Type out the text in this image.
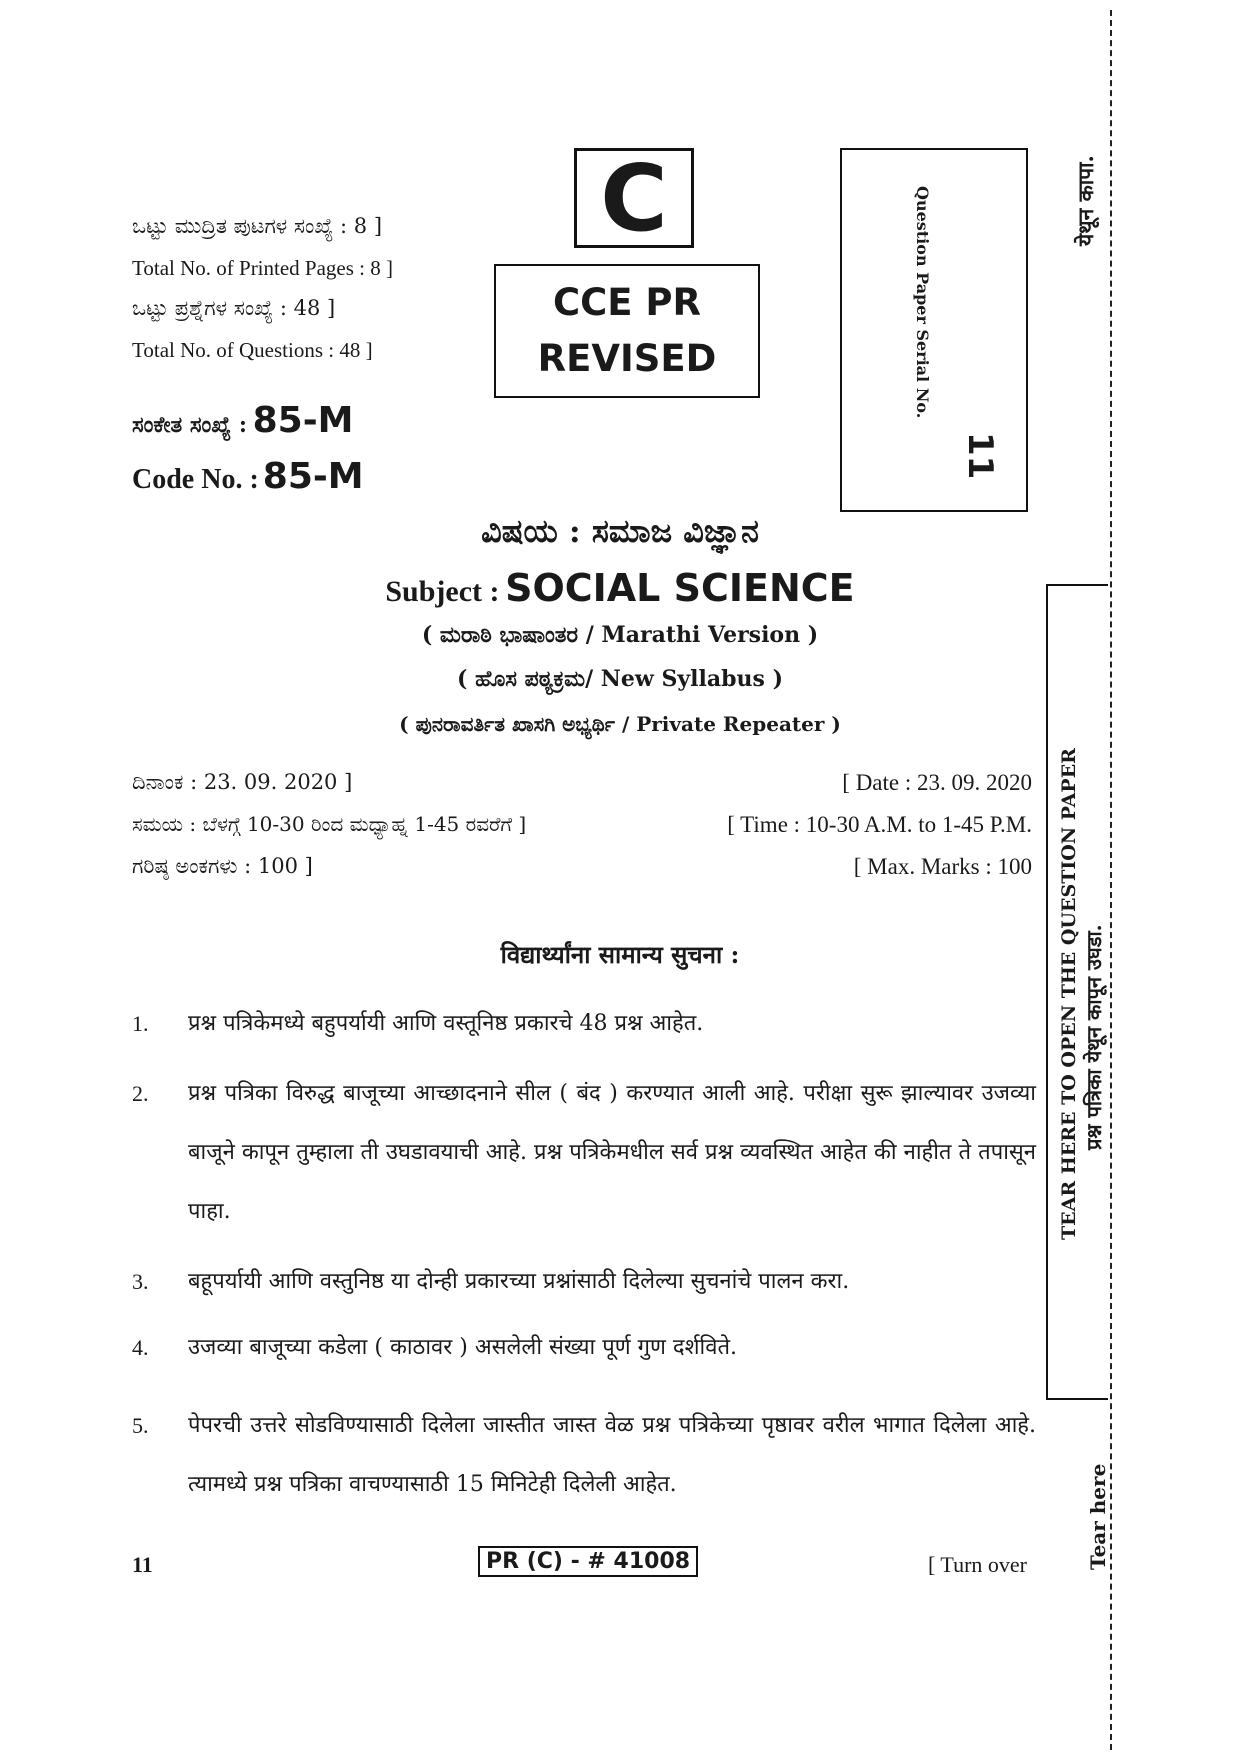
ಒಟ್ಟು ಮುದ್ರಿತ ಪುಟಗಳ ಸಂಖ್ಯೆ : 8 ]
Total No. of Printed Pages : 8 ]
ಒಟ್ಟು ಪ್ರಶ್ನೆಗಳ ಸಂಖ್ಯೆ : 48 ]
Total No. of Questions : 48 ]
C
CCE PR
REVISED	Question Paper Serial No.
11
ಸಂಕೇತ ಸಂಖ್ಯೆ : 85-M
Code No. : 85-M
ವಿಷಯ : ಸಮಾಜ ವಿಜ್ಞಾನ
Subject : SOCIAL SCIENCE
( ಮರಾಠಿ ಭಾಷಾಂತರ / Marathi Version )
( ಹೊಸ ಪಠ್ಯಕ್ರಮ/ New Syllabus )
( ಪುನರಾವರ್ತಿತ ಖಾಸಗಿ ಅಭ್ಯರ್ಥಿ / Private Repeater )
ದಿನಾಂಕ : 23. 09. 2020 ]	[ Date : 23. 09. 2020
ಸಮಯ : ಬೆಳಗ್ಗೆ 10-30 ರಿಂದ ಮಧ್ಯಾಹ್ನ 1-45 ರವರೆಗೆ ]	[ Time : 10-30 A.M. to 1-45 P.M.
ಗರಿಷ್ಠ ಅಂಕಗಳು : 100 ]	[ Max. Marks : 100
विद्यार्थ्यांना सामान्य सुचना :
1. प्रश्न पत्रिकेमध्ये बहुपर्यायी आणि वस्तूनिष्ठ प्रकारचे 48 प्रश्न आहेत.
2. प्रश्न पत्रिका विरुद्ध बाजूच्या आच्छादनाने सील ( बंद ) करण्यात आली आहे. परीक्षा सुरू झाल्यावर उजव्या बाजूने कापून तुम्हाला ती उघडावयाची आहे. प्रश्न पत्रिकेमधील सर्व प्रश्न व्यवस्थित आहेत की नाहीत ते तपासून पाहा.
3. बहूपर्यायी आणि वस्तुनिष्ठ या दोन्ही प्रकारच्या प्रश्नांसाठी दिलेल्या सुचनांचे पालन करा.
4. उजव्या बाजूच्या कडेला ( काठावर ) असलेली संख्या पूर्ण गुण दर्शविते.
5. पेपरची उत्तरे सोडविण्यासाठी दिलेला जास्तीत जास्त वेळ प्रश्न पत्रिकेच्या पृष्ठावर वरील भागात दिलेला आहे. त्यामध्ये प्रश्न पत्रिका वाचण्यासाठी 15 मिनिटेही दिलेली आहेत.
11	PR (C) - # 41008	[ Turn over
येथून कापा.
TEAR HERE TO OPEN THE QUESTION PAPER प्रश्न पत्रिका येथून कापून उघडा.
Tear here
